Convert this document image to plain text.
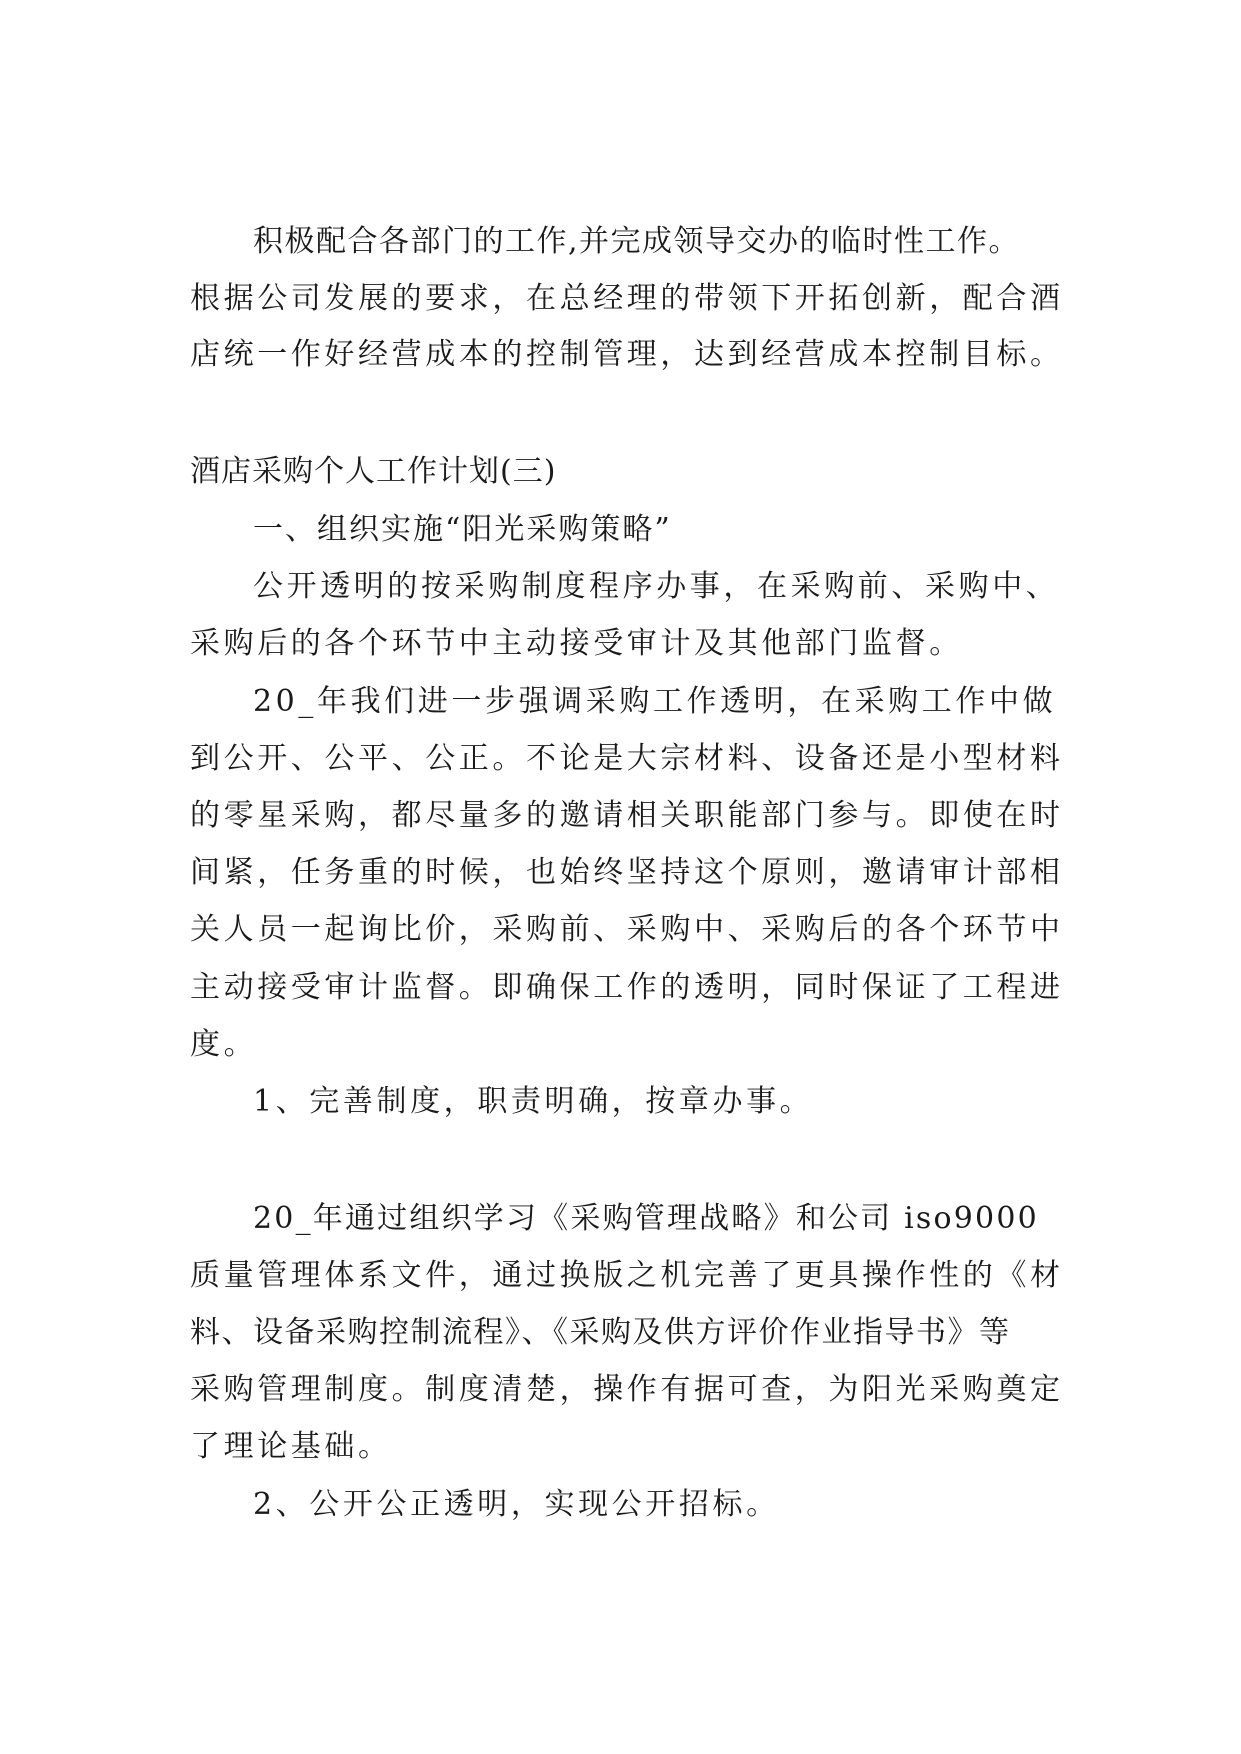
积极配合各部门的工作,并完成领导交办的临时性工作。

根据公司发展的要求，在总经理的带领下开拓创新，配合酒

店统一作好经营成本的控制管理，达到经营成本控制目标。

酒店采购个人工作计划(三)

一、组织实施“阳光采购策略”

公开透明的按采购制度程序办事，在采购前、采购中、

采购后的各个环节中主动接受审计及其他部门监督。

20_年我们进一步强调采购工作透明，在采购工作中做

到公开、公平、公正。不论是大宗材料、设备还是小型材料

的零星采购，都尽量多的邀请相关职能部门参与。即使在时

间紧，任务重的时候，也始终坚持这个原则，邀请审计部相

关人员一起询比价，采购前、采购中、采购后的各个环节中

主动接受审计监督。即确保工作的透明，同时保证了工程进

度。

1、完善制度，职责明确，按章办事。

20_年通过组织学习《采购管理战略》和公司 iso9000

质量管理体系文件，通过换版之机完善了更具操作性的《材

料、设备采购控制流程》、《采购及供方评价作业指导书》等

采购管理制度。制度清楚，操作有据可查，为阳光采购奠定

了理论基础。

2、公开公正透明，实现公开招标。
